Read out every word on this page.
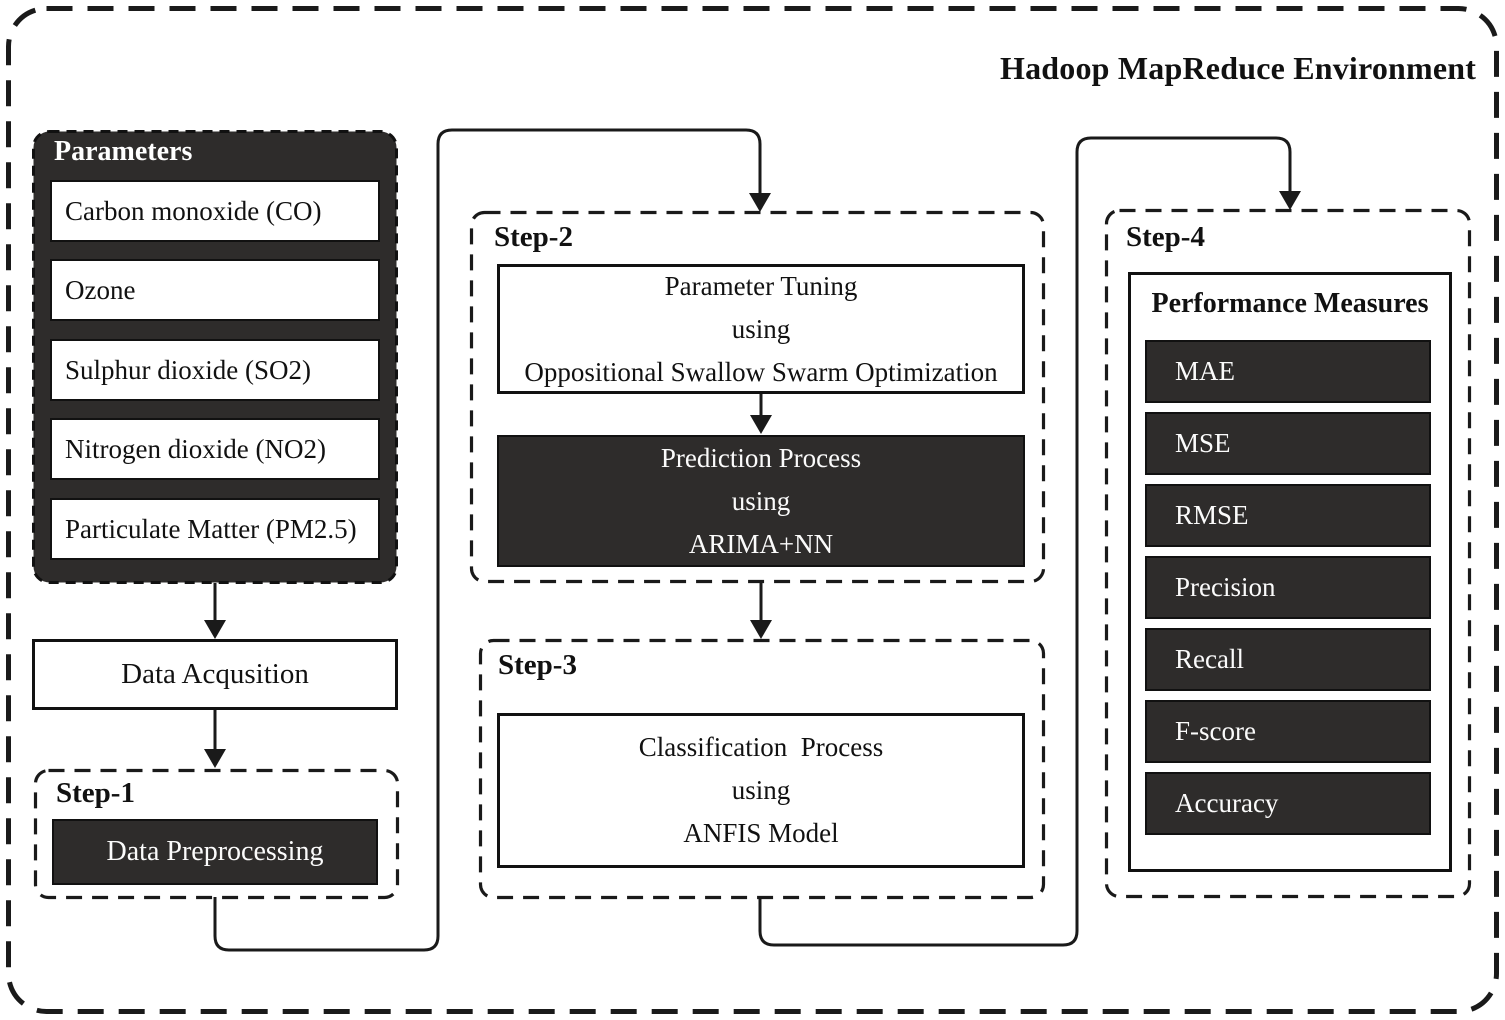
Hadoop MapReduce Environment
Parameters
Carbon monoxide (CO)
Ozone
Sulphur dioxide (SO2)
Nitrogen dioxide (NO2)
Particulate Matter (PM2.5)
Data Acqusition
Step-1
Data Preprocessing
Step-2
Parameter Tuning
using
Oppositional Swallow Swarm Optimization
Prediction Process
using
ARIMA+NN
Step-3
Classification  Process
using
ANFIS Model
Step-4
Performance Measures
MAE
MSE
RMSE
Precision
Recall
F-score
Accuracy
